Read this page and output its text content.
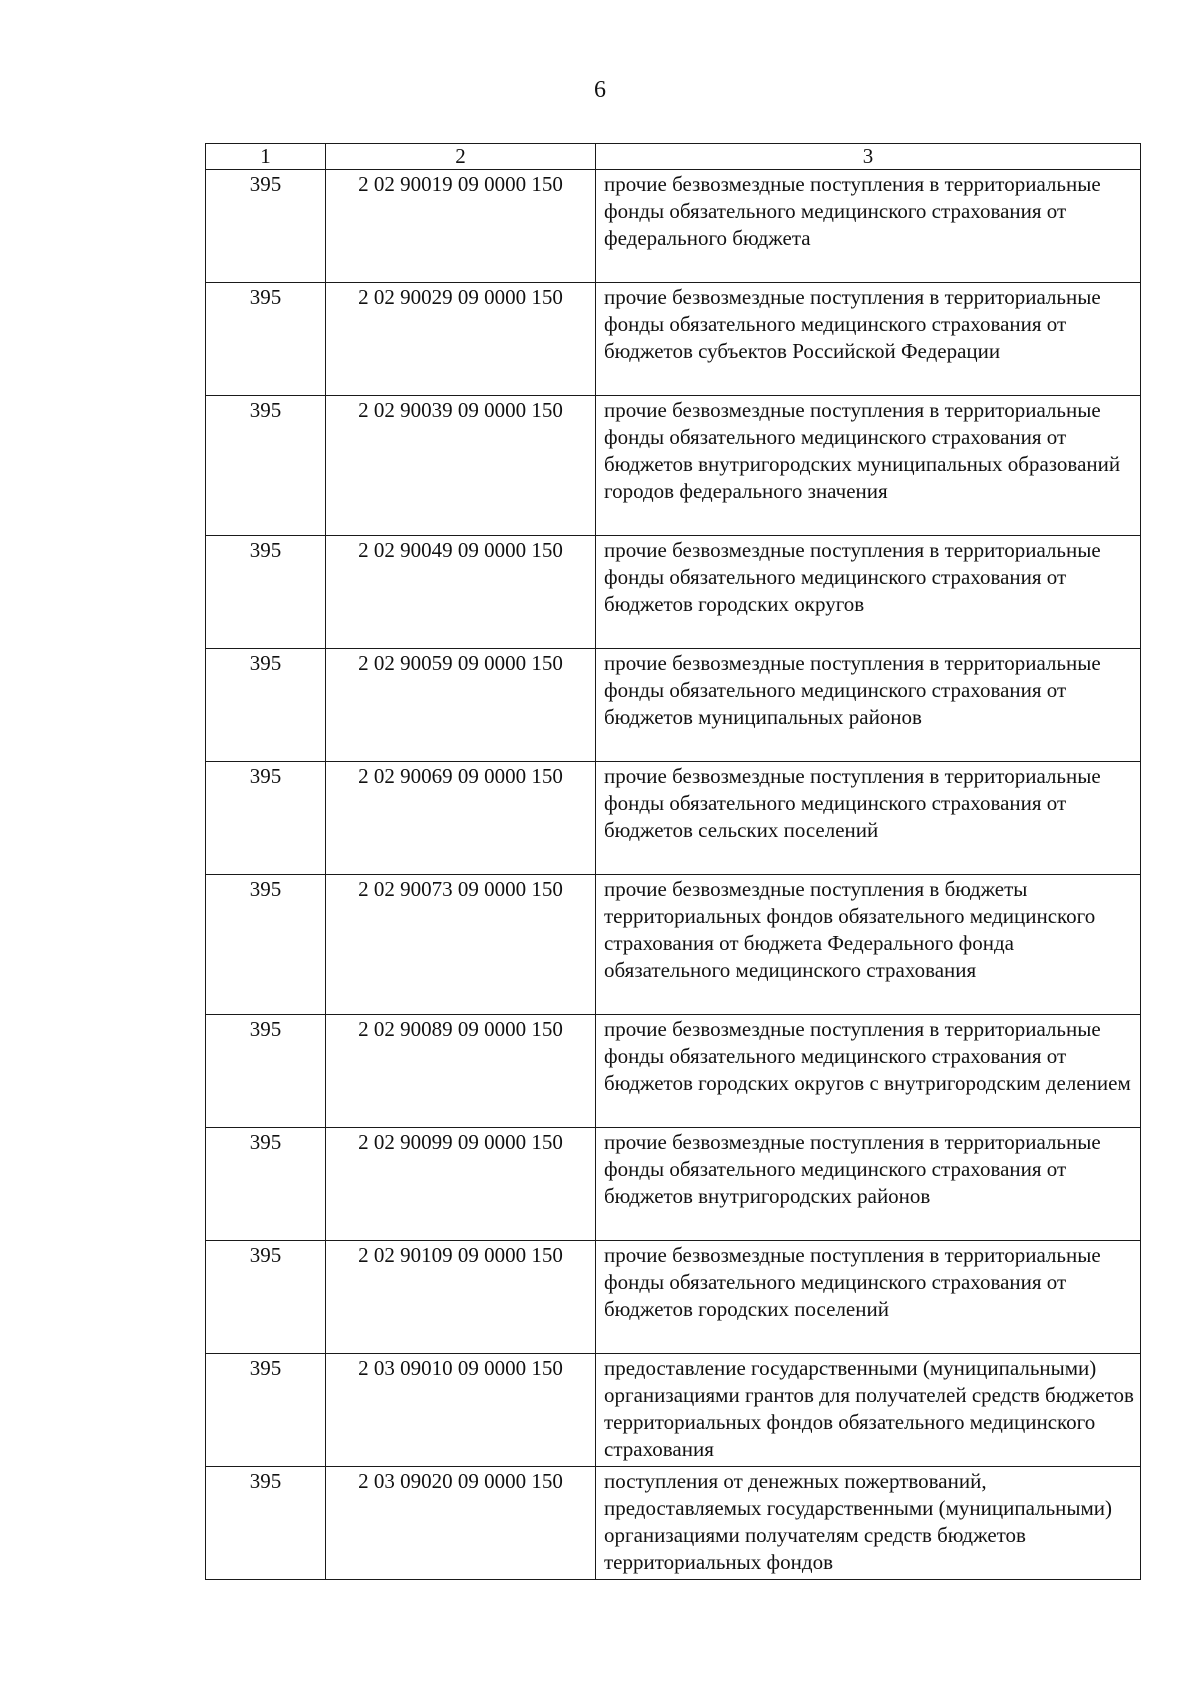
6
1	2	3
395	2 02 90019 09 0000 150	прочие безвозмездные поступления в территориальные фонды обязательного медицинского страхования от федерального бюджета
395	2 02 90029 09 0000 150	прочие безвозмездные поступления в территориальные фонды обязательного медицинского страхования от бюджетов субъектов Российской Федерации
395	2 02 90039 09 0000 150	прочие безвозмездные поступления в территориальные фонды обязательного медицинского страхования от бюджетов внутригородских муниципальных образований городов федерального значения
395	2 02 90049 09 0000 150	прочие безвозмездные поступления в территориальные фонды обязательного медицинского страхования от бюджетов городских округов
395	2 02 90059 09 0000 150	прочие безвозмездные поступления в территориальные фонды обязательного медицинского страхования от бюджетов муниципальных районов
395	2 02 90069 09 0000 150	прочие безвозмездные поступления в территориальные фонды обязательного медицинского страхования от бюджетов сельских поселений
395	2 02 90073 09 0000 150	прочие безвозмездные поступления в бюджеты территориальных фондов обязательного медицинского страхования от бюджета Федерального фонда обязательного медицинского страхования
395	2 02 90089 09 0000 150	прочие безвозмездные поступления в территориальные фонды обязательного медицинского страхования от бюджетов городских округов с внутригородским делением
395	2 02 90099 09 0000 150	прочие безвозмездные поступления в территориальные фонды обязательного медицинского страхования от бюджетов внутригородских районов
395	2 02 90109 09 0000 150	прочие безвозмездные поступления в территориальные фонды обязательного медицинского страхования от бюджетов городских поселений
395	2 03 09010 09 0000 150	предоставление государственными (муниципальными) организациями грантов для получателей средств бюджетов территориальных фондов обязательного медицинского страхования
395	2 03 09020 09 0000 150	поступления от денежных пожертвований, предоставляемых государственными (муниципальными) организациями получателям средств бюджетов территориальных фондов
